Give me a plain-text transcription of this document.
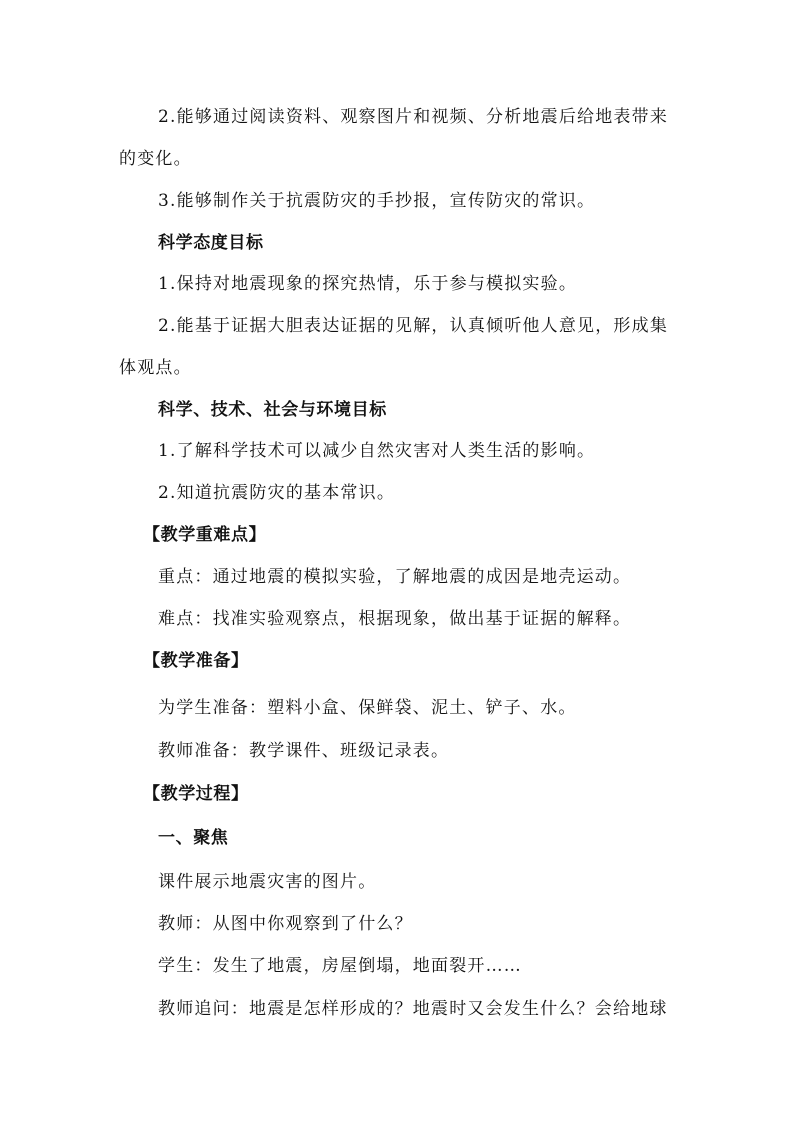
2.能够通过阅读资料、观察图片和视频、分析地震后给地表带来
的变化。
3.能够制作关于抗震防灾的手抄报，宣传防灾的常识。
科学态度目标
1.保持对地震现象的探究热情，乐于参与模拟实验。
2.能基于证据大胆表达证据的见解，认真倾听他人意见，形成集
体观点。
科学、技术、社会与环境目标
1.了解科学技术可以减少自然灾害对人类生活的影响。
2.知道抗震防灾的基本常识。
【教学重难点】
重点：通过地震的模拟实验，了解地震的成因是地壳运动。
难点：找准实验观察点，根据现象，做出基于证据的解释。
【教学准备】
为学生准备：塑料小盒、保鲜袋、泥土、铲子、水。
教师准备：教学课件、班级记录表。
【教学过程】
一、聚焦
课件展示地震灾害的图片。
教师：从图中你观察到了什么？
学生：发生了地震，房屋倒塌，地面裂开……
教师追问：地震是怎样形成的？地震时又会发生什么？会给地球
